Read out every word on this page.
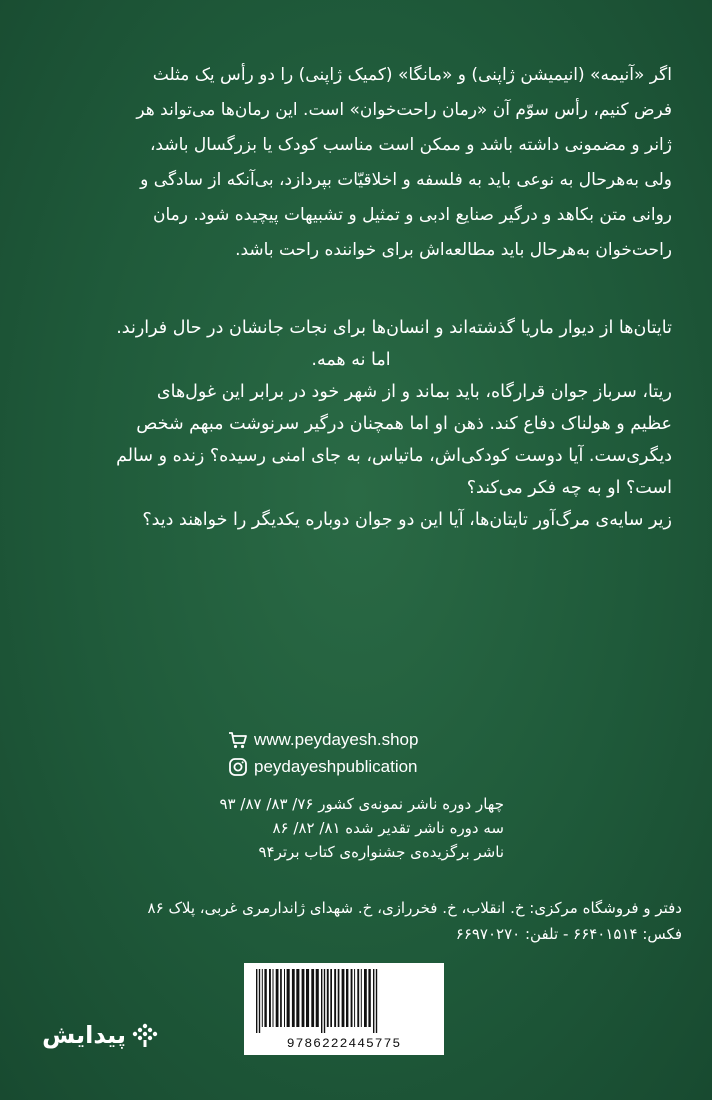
اگر «آنیمه» (انیمیشن ژاپنی) و «مانگا» (کمیک ژاپنی) را دو رأس یک مثلث

فرض کنیم، رأس سوّم آن «رمان راحت‌خوان» است. این رمان‌ها می‌تواند هر

ژانر و مضمونی داشته باشد و ممکن است مناسب کودک یا بزرگسال باشد،

ولی به‌هرحال به نوعی باید به فلسفه و اخلاقیّات بپردازد، بی‌آنکه از سادگی و

روانی متن بکاهد و درگیر صنایع ادبی و تمثیل و تشبیهات پیچیده شود. رمان

راحت‌خوان به‌هرحال باید مطالعه‌اش برای خواننده راحت باشد.

تایتان‌ها از دیوار ماریا گذشته‌اند و انسان‌ها برای نجات جانشان در حال فرارند.

اما نه همه.

ریتا، سرباز جوان قرارگاه، باید بماند و از شهر خود در برابر این غول‌های

عظیم و هولناک دفاع کند. ذهن او اما همچنان درگیر سرنوشت مبهم شخص

دیگری‌ست. آیا دوست کودکی‌اش، ماتیاس، به جای امنی رسیده؟ زنده و سالم

است؟ او به چه فکر می‌کند؟

زیر سایه‌ی مرگ‌آور تایتان‌ها، آیا این دو جوان دوباره یکدیگر را خواهند دید؟

www.peydayesh.shop
peydayeshpublication
چهار دوره ناشر نمونه‌ی کشور ۷۶/ ۸۳/ ۸۷/ ۹۳
سه دوره ناشر تقدیر شده ۸۱/ ۸۲/ ۸۶
ناشر برگزیده‌ی جشنواره‌ی کتاب برتر۹۴
دفتر و فروشگاه مرکزی: خ. انقلاب، خ. فخررازی، خ. شهدای ژاندارمری غربی، پلاک ۸۶
فکس: ۶۶۴۰۱۵۱۴ - تلفن: ۶۶۹۷۰۲۷۰
9786222445775
پیدایش
